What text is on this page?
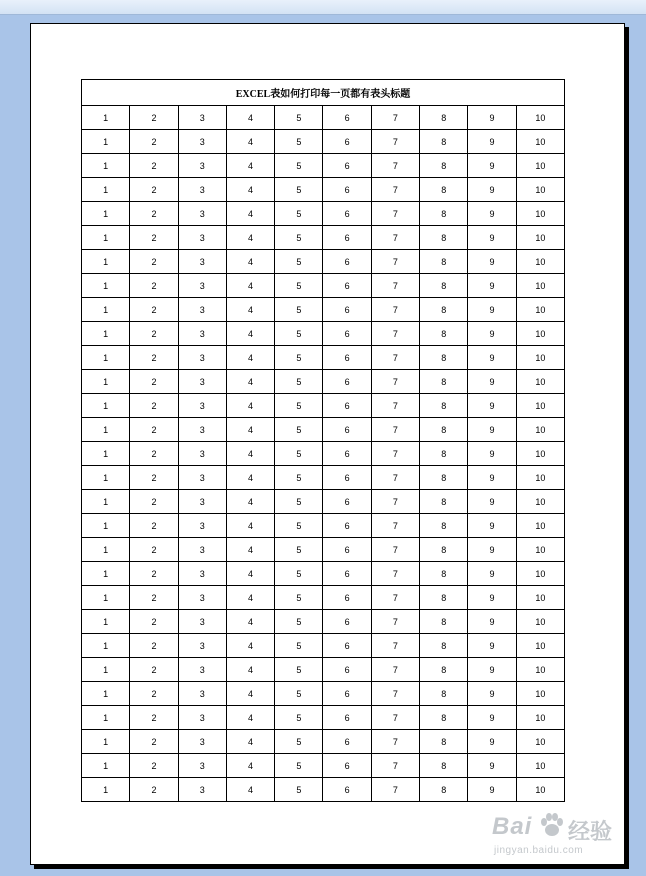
EXCEL表如何打印每一页都有表头标题									
1	2	3	4	5	6	7	8	9	10
1	2	3	4	5	6	7	8	9	10
1	2	3	4	5	6	7	8	9	10
1	2	3	4	5	6	7	8	9	10
1	2	3	4	5	6	7	8	9	10
1	2	3	4	5	6	7	8	9	10
1	2	3	4	5	6	7	8	9	10
1	2	3	4	5	6	7	8	9	10
1	2	3	4	5	6	7	8	9	10
1	2	3	4	5	6	7	8	9	10
1	2	3	4	5	6	7	8	9	10
1	2	3	4	5	6	7	8	9	10
1	2	3	4	5	6	7	8	9	10
1	2	3	4	5	6	7	8	9	10
1	2	3	4	5	6	7	8	9	10
1	2	3	4	5	6	7	8	9	10
1	2	3	4	5	6	7	8	9	10
1	2	3	4	5	6	7	8	9	10
1	2	3	4	5	6	7	8	9	10
1	2	3	4	5	6	7	8	9	10
1	2	3	4	5	6	7	8	9	10
1	2	3	4	5	6	7	8	9	10
1	2	3	4	5	6	7	8	9	10
1	2	3	4	5	6	7	8	9	10
1	2	3	4	5	6	7	8	9	10
1	2	3	4	5	6	7	8	9	10
1	2	3	4	5	6	7	8	9	10
1	2	3	4	5	6	7	8	9	10
1	2	3	4	5	6	7	8	9	10
Bai 经验
jingyan.baidu.com
